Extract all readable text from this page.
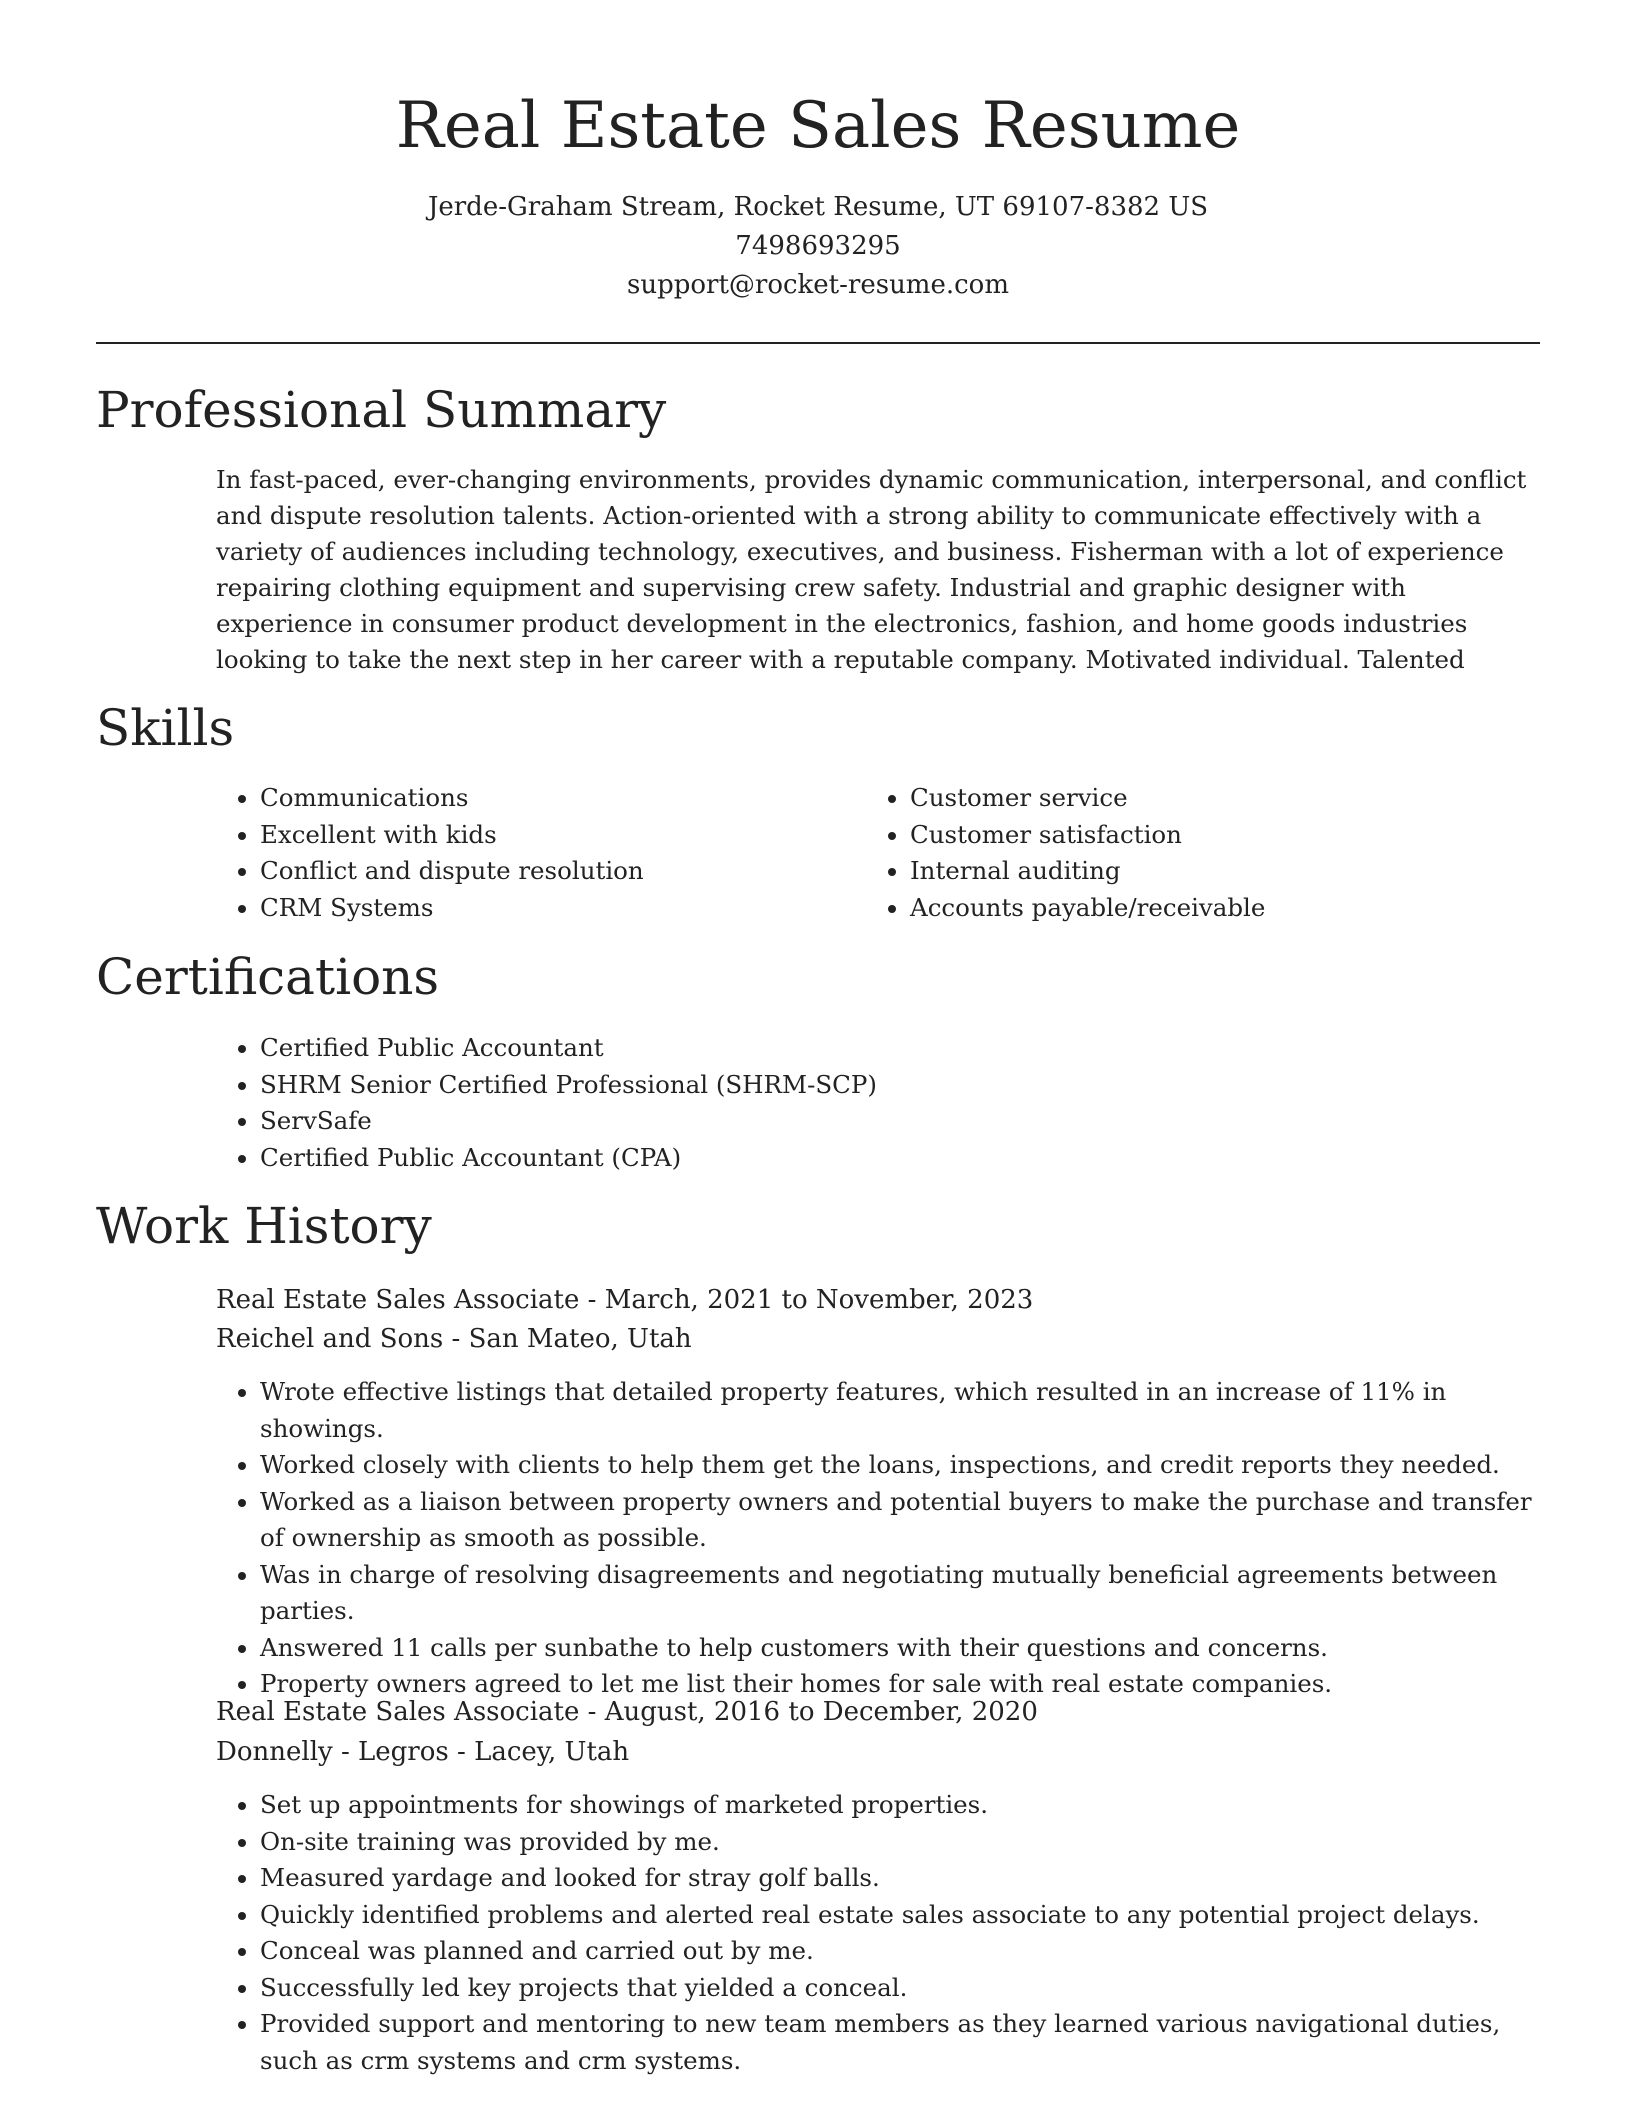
Real Estate Sales Resume
Jerde-Graham Stream, Rocket Resume, UT 69107-8382 US
7498693295
support@rocket-resume.com
Professional Summary

In fast-paced, ever-changing environments, provides dynamic communication, interpersonal, and conflict and dispute resolution talents. Action-oriented with a strong ability to communicate effectively with a variety of audiences including technology, executives, and business. Fisherman with a lot of experience repairing clothing equipment and supervising crew safety. Industrial and graphic designer with experience in consumer product development in the electronics, fashion, and home goods industries looking to take the next step in her career with a reputable company. Motivated individual. Talented

Skills
• Communications
• Excellent with kids
• Conflict and dispute resolution
• CRM Systems
• Customer service
• Customer satisfaction
• Internal auditing
• Accounts payable/receivable
Certifications
• Certified Public Accountant
• SHRM Senior Certified Professional (SHRM-SCP)
• ServSafe
• Certified Public Accountant (CPA)
Work History
Real Estate Sales Associate - March, 2021 to November, 2023
Reichel and Sons - San Mateo, Utah
• Wrote effective listings that detailed property features, which resulted in an increase of 11% in showings.
• Worked closely with clients to help them get the loans, inspections, and credit reports they needed.
• Worked as a liaison between property owners and potential buyers to make the purchase and transfer of ownership as smooth as possible.
• Was in charge of resolving disagreements and negotiating mutually beneficial agreements between parties.
• Answered 11 calls per sunbathe to help customers with their questions and concerns.
• Property owners agreed to let me list their homes for sale with real estate companies.
Real Estate Sales Associate - August, 2016 to December, 2020
Donnelly - Legros - Lacey, Utah
• Set up appointments for showings of marketed properties.
• On-site training was provided by me.
• Measured yardage and looked for stray golf balls.
• Quickly identified problems and alerted real estate sales associate to any potential project delays.
• Conceal was planned and carried out by me.
• Successfully led key projects that yielded a conceal.
• Provided support and mentoring to new team members as they learned various navigational duties, such as crm systems and crm systems.
